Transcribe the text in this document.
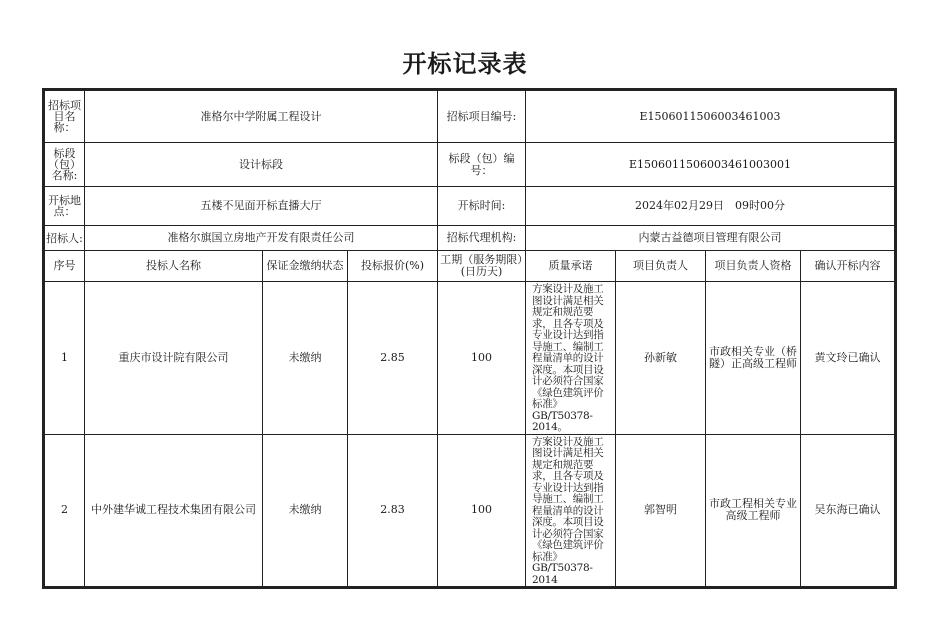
开标记录表
招标项目名称：	准格尔中学附属工程设计			招标项目编号:	E1506011506003461003			
标段（包）名称:	设计标段			标段（包）编号：	E1506011506003461003001			
开标地点：	五楼不见面开标直播大厅			开标时间:	2024年02月29日　09时00分			
招标人:	准格尔旗国立房地产开发有限责任公司			招标代理机构:	内蒙古益德项目管理有限公司			
序号	投标人名称	保证金缴纳状态	投标报价(%)	工期（服务期限）(日历天)	质量承诺	项目负责人	项目负责人资格	确认开标内容
1	重庆市设计院有限公司	未缴纳	2.85	100	方案设计及施工图设计满足相关规定和规范要求，且各专项及专业设计达到指导施工、编制工程量清单的设计深度。本项目设计必须符合国家《绿色建筑评价标准》GB/T50378-2014。	孙新敏	市政相关专业（桥隧）正高级工程师	黄文玲已确认
2	中外建华诚工程技术集团有限公司	未缴纳	2.83	100	方案设计及施工图设计满足相关规定和规范要求，且各专项及专业设计达到指导施工、编制工程量清单的设计深度。本项目设计必须符合国家《绿色建筑评价标准》GB/T50378-2014	郭智明	市政工程相关专业高级工程师	吴东海已确认
